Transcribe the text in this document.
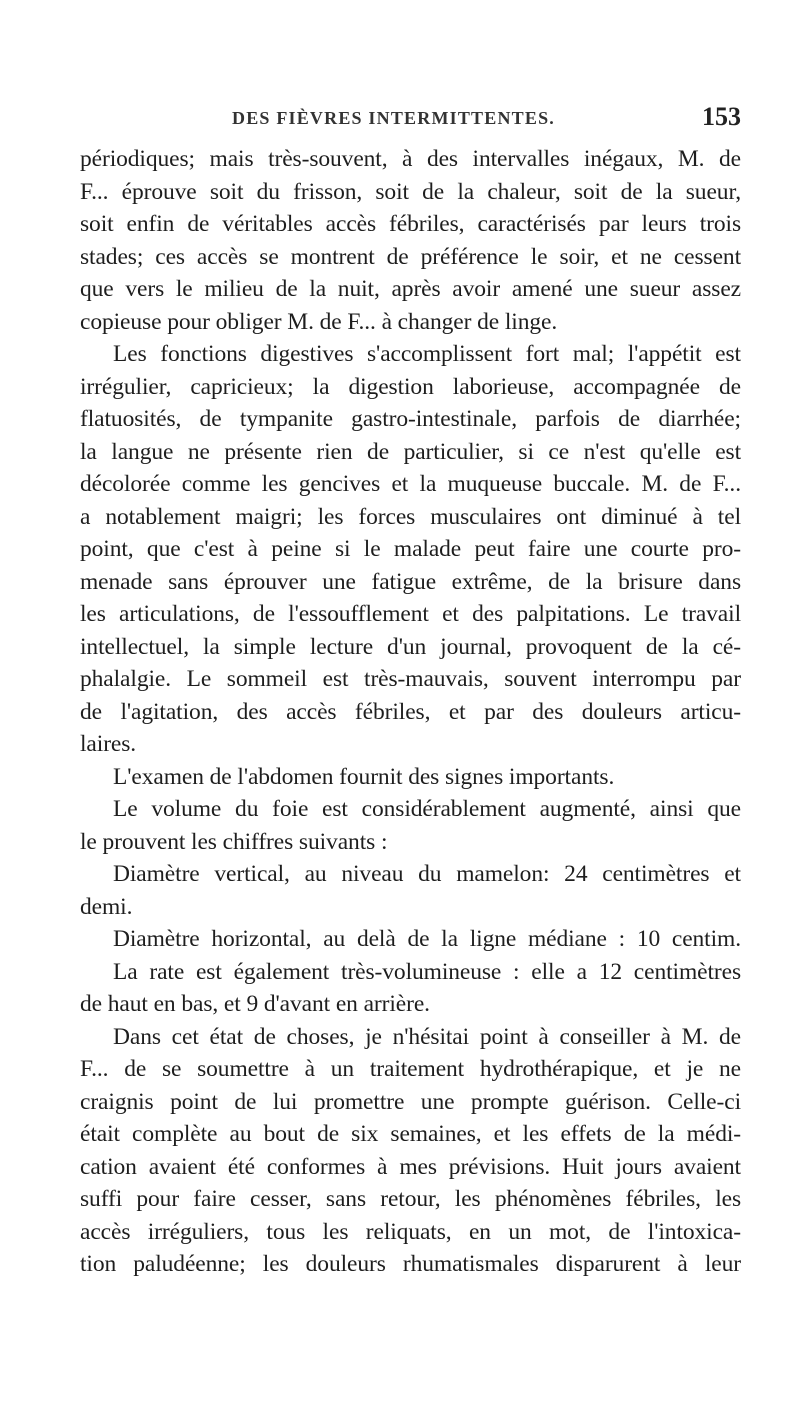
DES FIÈVRES INTERMITTENTES.	153
périodiques; mais très-souvent, à des intervalles inégaux, M. de
F... éprouve soit du frisson, soit de la chaleur, soit de la sueur,
soit enfin de véritables accès fébriles, caractérisés par leurs trois
stades; ces accès se montrent de préférence le soir, et ne cessent
que vers le milieu de la nuit, après avoir amené une sueur assez
copieuse pour obliger M. de F... à changer de linge.
Les fonctions digestives s'accomplissent fort mal; l'appétit est
irrégulier, capricieux; la digestion laborieuse, accompagnée de
flatuosités, de tympanite gastro-intestinale, parfois de diarrhée;
la langue ne présente rien de particulier, si ce n'est qu'elle est
décolorée comme les gencives et la muqueuse buccale. M. de F...
a notablement maigri; les forces musculaires ont diminué à tel
point, que c'est à peine si le malade peut faire une courte pro-
menade sans éprouver une fatigue extrême, de la brisure dans
les articulations, de l'essoufflement et des palpitations. Le travail
intellectuel, la simple lecture d'un journal, provoquent de la cé-
phalalgie. Le sommeil est très-mauvais, souvent interrompu par
de l'agitation, des accès fébriles, et par des douleurs articu-
laires.
L'examen de l'abdomen fournit des signes importants.
Le volume du foie est considérablement augmenté, ainsi que
le prouvent les chiffres suivants :
Diamètre vertical, au niveau du mamelon: 24 centimètres et
demi.
Diamètre horizontal, au delà de la ligne médiane : 10 centim.
La rate est également très-volumineuse : elle a 12 centimètres
de haut en bas, et 9 d'avant en arrière.
Dans cet état de choses, je n'hésitai point à conseiller à M. de
F... de se soumettre à un traitement hydrothérapique, et je ne
craignis point de lui promettre une prompte guérison. Celle-ci
était complète au bout de six semaines, et les effets de la médi-
cation avaient été conformes à mes prévisions. Huit jours avaient
suffi pour faire cesser, sans retour, les phénomènes fébriles, les
accès irréguliers, tous les reliquats, en un mot, de l'intoxica-
tion paludéenne; les douleurs rhumatismales disparurent à leur
